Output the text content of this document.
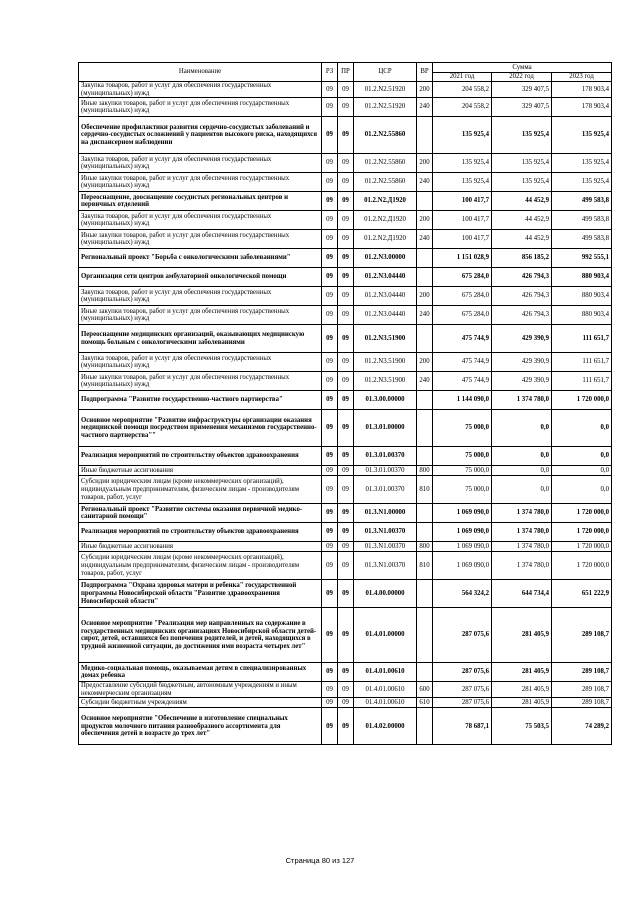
Наименование	РЗ	ПР	ЦСР	ВР	Сумма		
					2021 год	2022 год	2023 год
Закупка товаров, работ и услуг для обеспечения государственных (муниципальных) нужд	09	09	01.2.N2.51920	200	204 558,2	329 407,5	178 903,4
Иные закупки товаров, работ и услуг для обеспечения государственных (муниципальных) нужд	09	09	01.2.N2.51920	240	204 558,2	329 407,5	178 903,4
Обеспечение профилактики развития сердечно-сосудистых заболеваний и сердечно-сосудистых осложнений у пациентов высокого риска, находящихся на диспансерном наблюдении	09	09	01.2.N2.55860		135 925,4	135 925,4	135 925,4
Закупка товаров, работ и услуг для обеспечения государственных (муниципальных) нужд	09	09	01.2.N2.55860	200	135 925,4	135 925,4	135 925,4
Иные закупки товаров, работ и услуг для обеспечения государственных (муниципальных) нужд	09	09	01.2.N2.55860	240	135 925,4	135 925,4	135 925,4
Переоснащение, дооснащение сосудистых региональных центров и первичных отделений	09	09	01.2.N2.Д1920		100 417,7	44 452,9	499 583,8
Закупка товаров, работ и услуг для обеспечения государственных (муниципальных) нужд	09	09	01.2.N2.Д1920	200	100 417,7	44 452,9	499 583,8
Иные закупки товаров, работ и услуг для обеспечения государственных (муниципальных) нужд	09	09	01.2.N2.Д1920	240	100 417,7	44 452,9	499 583,8
Региональный проект "Борьба с онкологическими заболеваниями"	09	09	01.2.N3.00000		1 151 028,9	856 185,2	992 555,1
Организация сети центров амбулаторной онкологической помощи	09	09	01.2.N3.04440		675 284,0	426 794,3	880 903,4
Закупка товаров, работ и услуг для обеспечения государственных (муниципальных) нужд	09	09	01.2.N3.04440	200	675 284,0	426 794,3	880 903,4
Иные закупки товаров, работ и услуг для обеспечения государственных (муниципальных) нужд	09	09	01.2.N3.04440	240	675 284,0	426 794,3	880 903,4
Переоснащение медицинских организаций, оказывающих медицинскую помощь больным с онкологическими заболеваниями	09	09	01.2.N3.51900		475 744,9	429 390,9	111 651,7
Закупка товаров, работ и услуг для обеспечения государственных (муниципальных) нужд	09	09	01.2.N3.51900	200	475 744,9	429 390,9	111 651,7
Иные закупки товаров, работ и услуг для обеспечения государственных (муниципальных) нужд	09	09	01.2.N3.51900	240	475 744,9	429 390,9	111 651,7
Подпрограмма "Развитие государственно-частного партнерства"	09	09	01.3.00.00000		1 144 090,0	1 374 780,0	1 720 000,0
Основное мероприятие "Развитие инфраструктуры организации оказания медицинской помощи посредством применения механизмов государственно-частного партнерства""	09	09	01.3.01.00000		75 000,0	0,0	0,0
Реализация мероприятий по строительству объектов здравоохранения	09	09	01.3.01.00370		75 000,0	0,0	0,0
Иные бюджетные ассигнования	09	09	01.3.01.00370	800	75 000,0	0,0	0,0
Субсидии юридическим лицам (кроме некоммерческих организаций), индивидуальным предпринимателям, физическим лицам - производителям товаров, работ, услуг	09	09	01.3.01.00370	810	75 000,0	0,0	0,0
Региональный проект "Развитие системы оказания первичной медико-санитарной помощи"	09	09	01.3.N1.00000		1 069 090,0	1 374 780,0	1 720 000,0
Реализация мероприятий по строительству объектов здравоохранения	09	09	01.3.N1.00370		1 069 090,0	1 374 780,0	1 720 000,0
Иные бюджетные ассигнования	09	09	01.3.N1.00370	800	1 069 090,0	1 374 780,0	1 720 000,0
Субсидии юридическим лицам (кроме некоммерческих организаций), индивидуальным предпринимателям, физическим лицам - производителям товаров, работ, услуг	09	09	01.3.N1.00370	810	1 069 090,0	1 374 780,0	1 720 000,0
Подпрограмма "Охрана здоровья матери и ребенка" государственной программы Новосибирской области "Развитие здравоохранения Новосибирской области"	09	09	01.4.00.00000		564 324,2	644 734,4	651 222,9
Основное мероприятие "Реализация мер направленных на содержание в государственных медицинских организациях Новосибирской области детей-сирот, детей, оставшихся без попечения родителей, и детей, находящихся в трудной жизненной ситуации, до достижения ими возраста четырех лет"	09	09	01.4.01.00000		287 075,6	281 405,9	289 108,7
Медико-социальная помощь, оказываемая детям в специализированных домах ребенка	09	09	01.4.01.00610		287 075,6	281 405,9	289 108,7
Предоставление субсидий бюджетным, автономным учреждениям и иным некоммерческим организациям	09	09	01.4.01.00610	600	287 075,6	281 405,9	289 108,7
Субсидии бюджетным учреждениям	09	09	01.4.01.00610	610	287 075,6	281 405,9	289 108,7
Основное мероприятие "Обеспечение в изготовление специальных продуктов молочного питания разнообразного ассортимента для обеспечения детей в возрасте до трех лет"	09	09	01.4.02.00000		78 687,1	75 503,5	74 289,2
Страница 80 из 127
